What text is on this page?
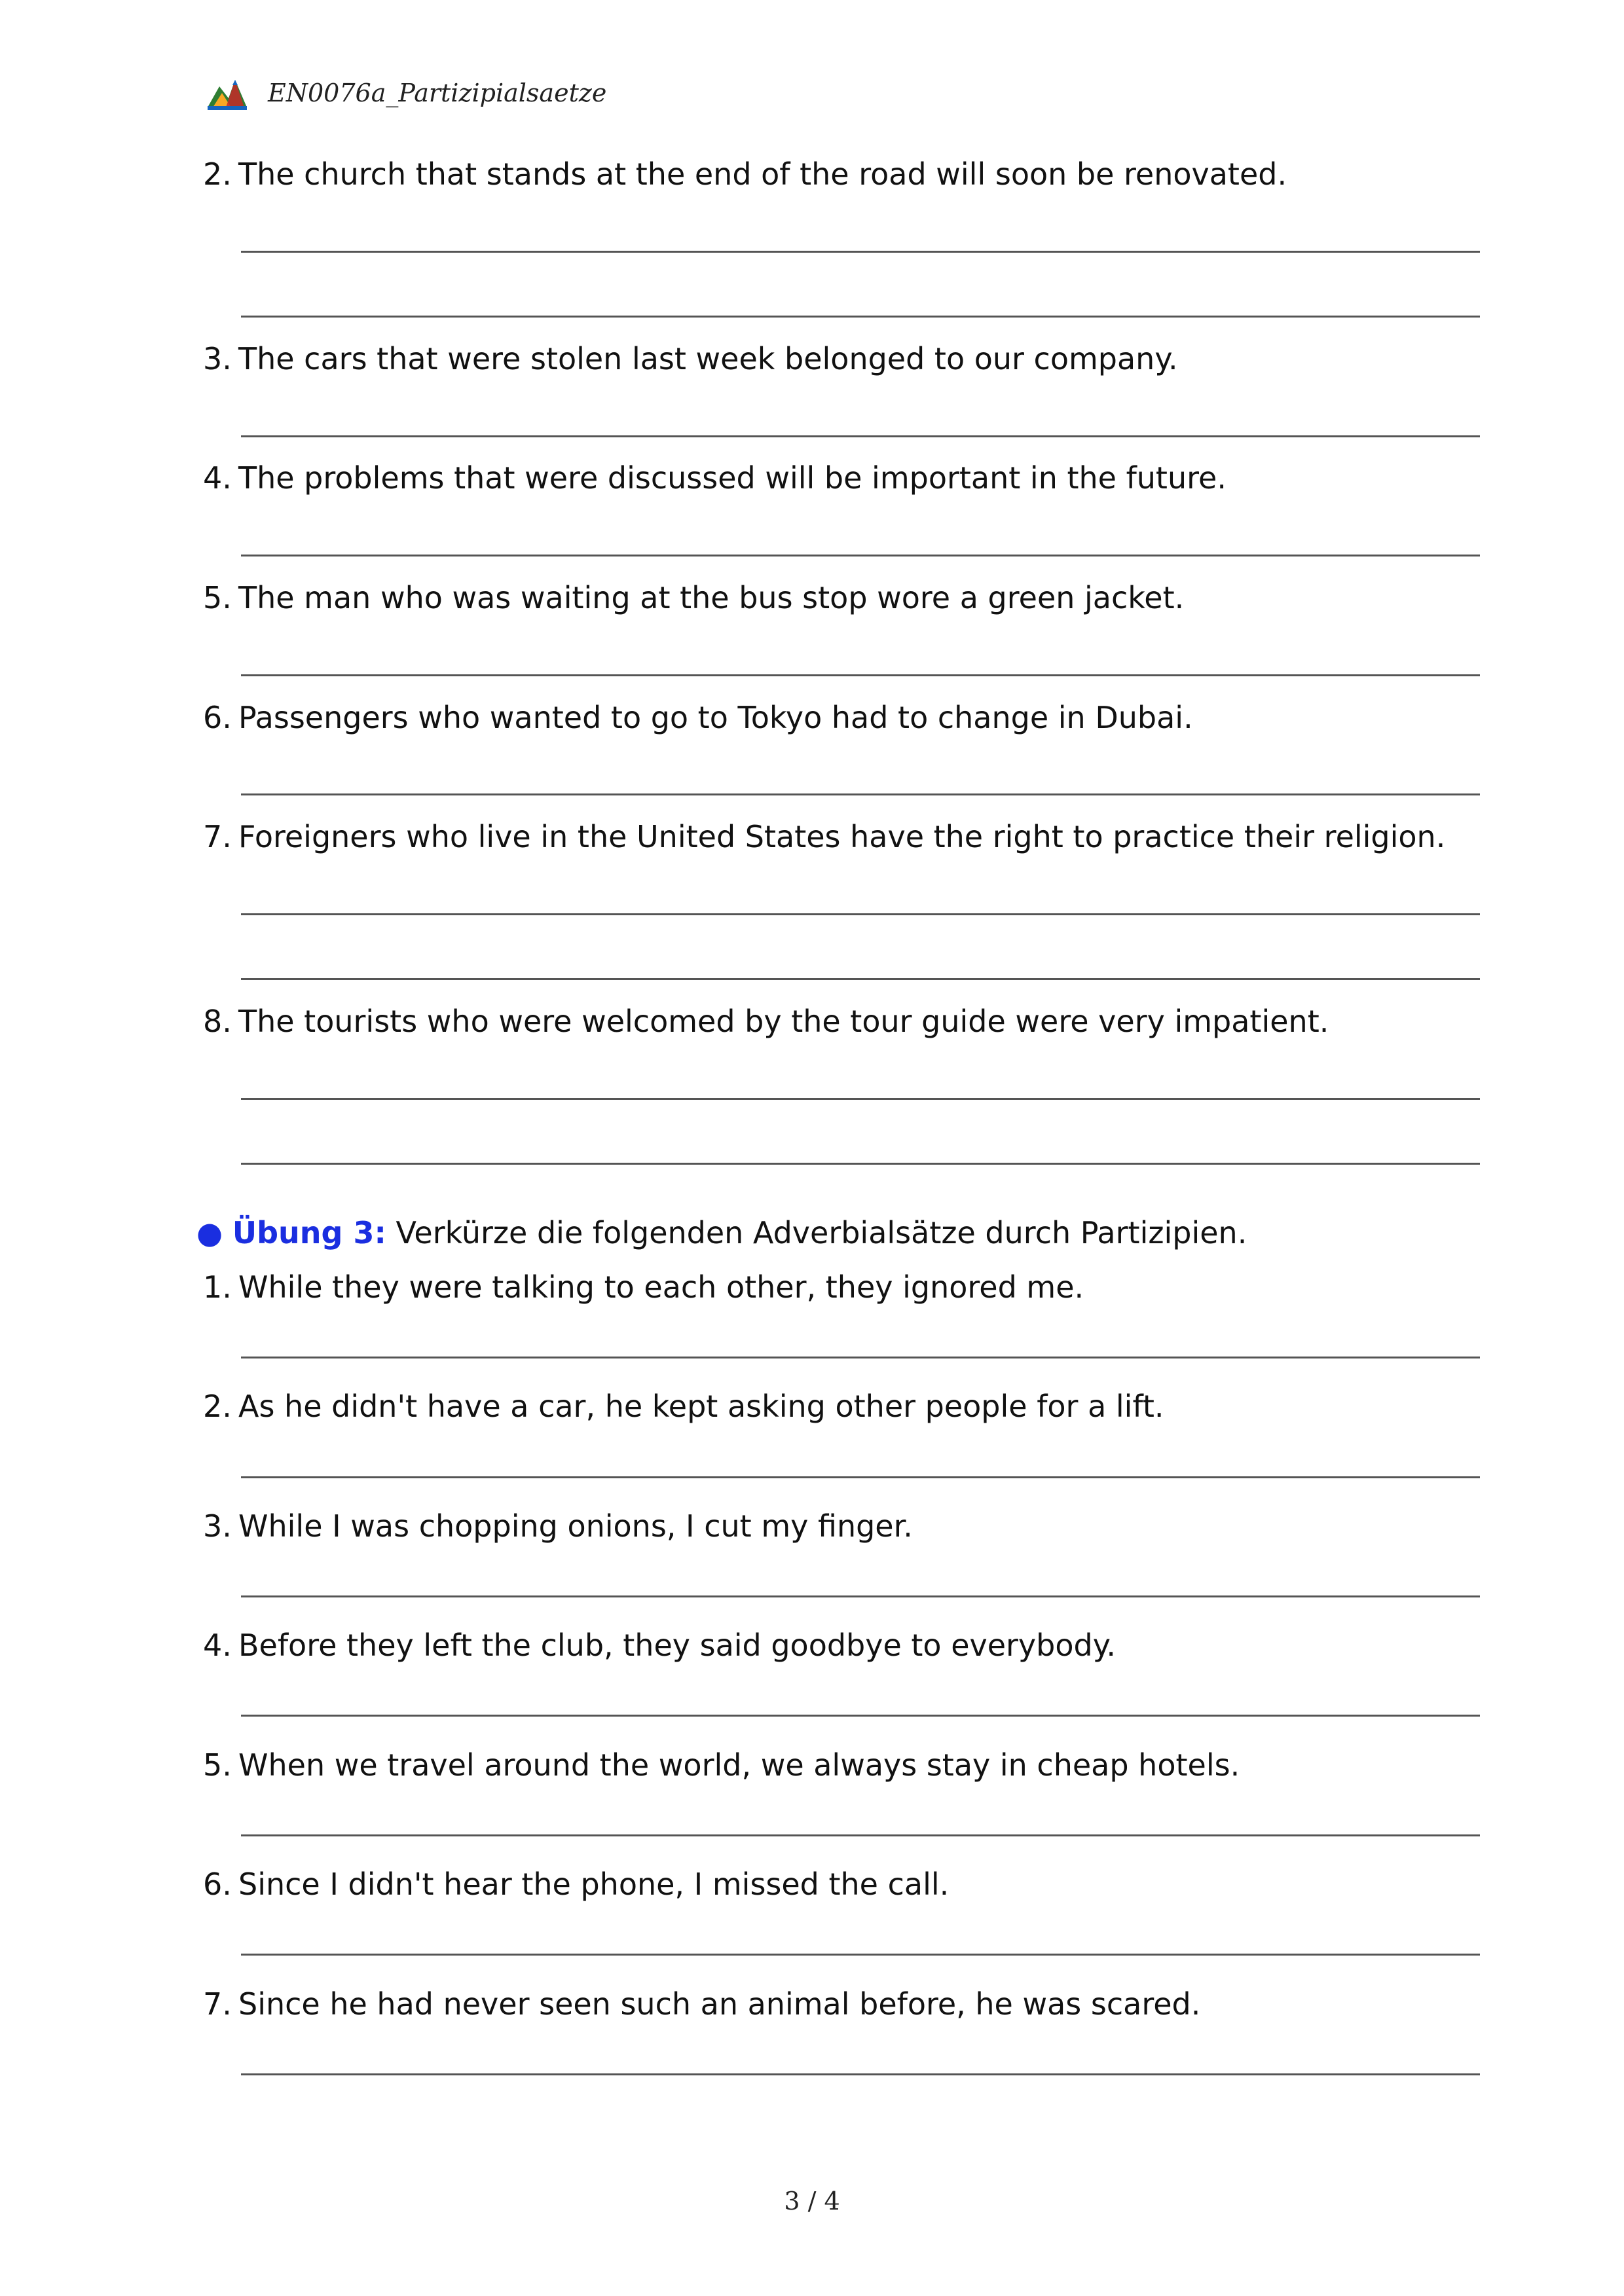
EN0076a_Partizipialsaetze
2. The church that stands at the end of the road will soon be renovated.
3. The cars that were stolen last week belonged to our company.
4. The problems that were discussed will be important in the future.
5. The man who was waiting at the bus stop wore a green jacket.
6. Passengers who wanted to go to Tokyo had to change in Dubai.
7. Foreigners who live in the United States have the right to practice their religion.
8. The tourists who were welcomed by the tour guide were very impatient.
● Übung 3: Verkürze die folgenden Adverbialsätze durch Partizipien.
1. While they were talking to each other, they ignored me.
2. As he didn't have a car, he kept asking other people for a lift.
3. While I was chopping onions, I cut my finger.
4. Before they left the club, they said goodbye to everybody.
5. When we travel around the world, we always stay in cheap hotels.
6. Since I didn't hear the phone, I missed the call.
7. Since he had never seen such an animal before, he was scared.
3 / 4
